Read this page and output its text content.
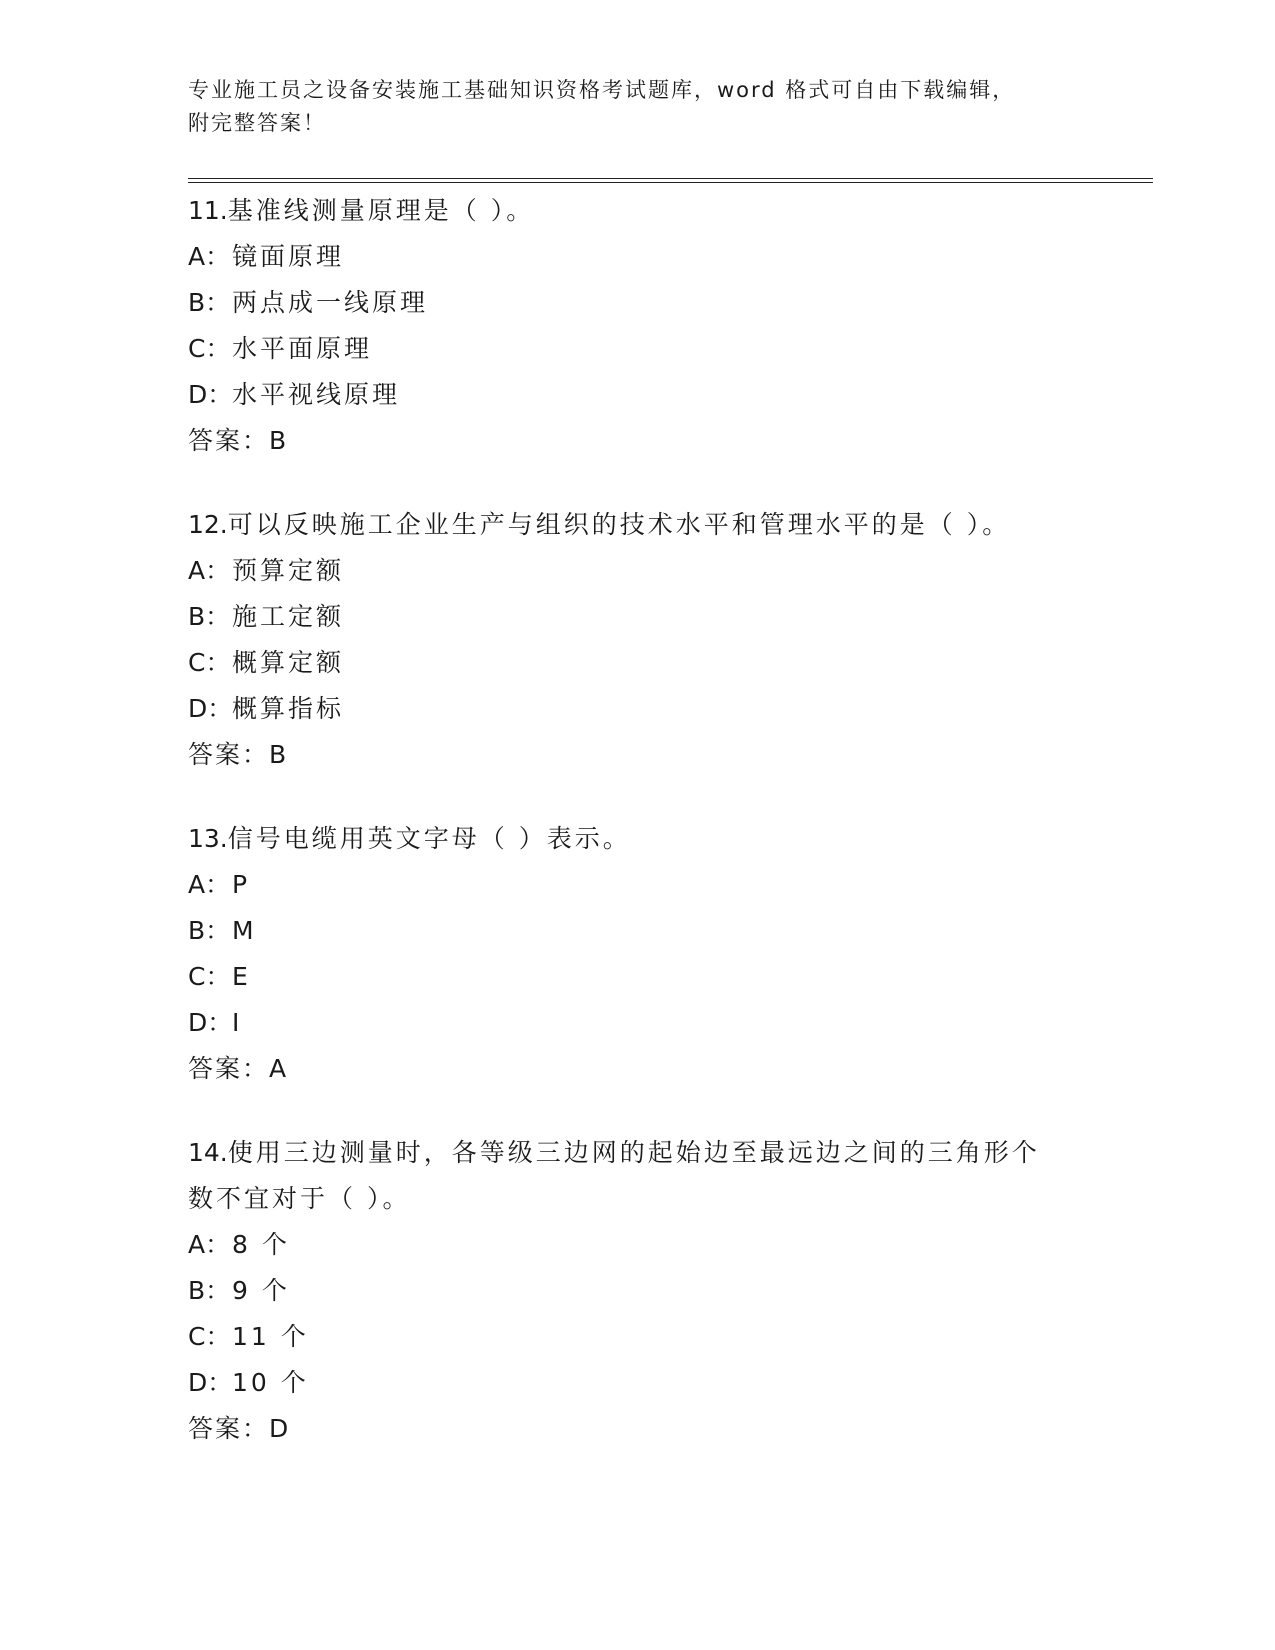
专业施工员之设备安装施工基础知识资格考试题库，word 格式可自由下载编辑，
附完整答案！
11.基准线测量原理是（ ）。
A：镜面原理
B：两点成一线原理
C：水平面原理
D：水平视线原理
答案：B
12.可以反映施工企业生产与组织的技术水平和管理水平的是（ ）。
A：预算定额
B：施工定额
C：概算定额
D：概算指标
答案：B
13.信号电缆用英文字母（ ）表示。
A：P
B：M
C：E
D：I
答案：A
14.使用三边测量时，各等级三边网的起始边至最远边之间的三角形个
数不宜对于（ ）。
A：8 个
B：9 个
C：11 个
D：10 个
答案：D
